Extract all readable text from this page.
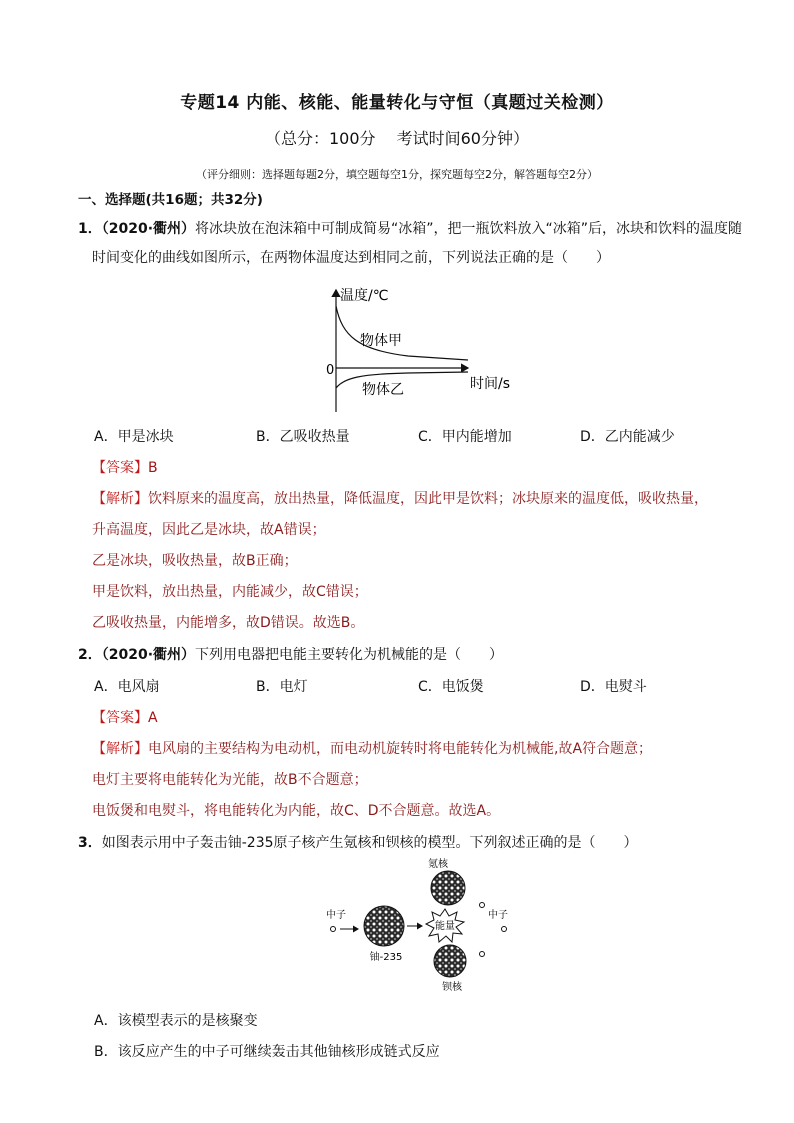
专题14 内能、核能、能量转化与守恒（真题过关检测）
（总分：100分　 考试时间60分钟）
（评分细则：选择题每题2分，填空题每空1分，探究题每空2分，解答题每空2分）
一、选择题(共16题；共32分)
1．（2020·衢州）将冰块放在泡沫箱中可制成简易“冰箱”，把一瓶饮料放入“冰箱”后，冰块和饮料的温度随
时间变化的曲线如图所示，在两物体温度达到相同之前，下列说法正确的是（　　）
温度/℃
时间/s
0
物体甲
物体乙
A．甲是冰块	B．乙吸收热量	C．甲内能增加	D．乙内能减少
【答案】B
【解析】饮料原来的温度高，放出热量，降低温度，因此甲是饮料；冰块原来的温度低，吸收热量，
升高温度，因此乙是冰块，故A错误；
乙是冰块，吸收热量，故B正确；
甲是饮料，放出热量，内能减少，故C错误；
乙吸收热量，内能增多，故D错误。故选B。
2．（2020·衢州）下列用电器把电能主要转化为机械能的是（　　）
A．电风扇	B．电灯	C．电饭煲	D．电熨斗
【答案】A
【解析】电风扇的主要结构为电动机，而电动机旋转时将电能转化为机械能,故A符合题意；
电灯主要将电能转化为光能，故B不合题意；
电饭煲和电熨斗，将电能转化为内能，故C、D不合题意。故选A。
3．如图表示用中子轰击铀-235原子核产生氪核和钡核的模型。下列叙述正确的是（　　）
氪核
中子
铀-235
能量
中子
钡核
A．该模型表示的是核聚变
B．该反应产生的中子可继续轰击其他铀核形成链式反应
